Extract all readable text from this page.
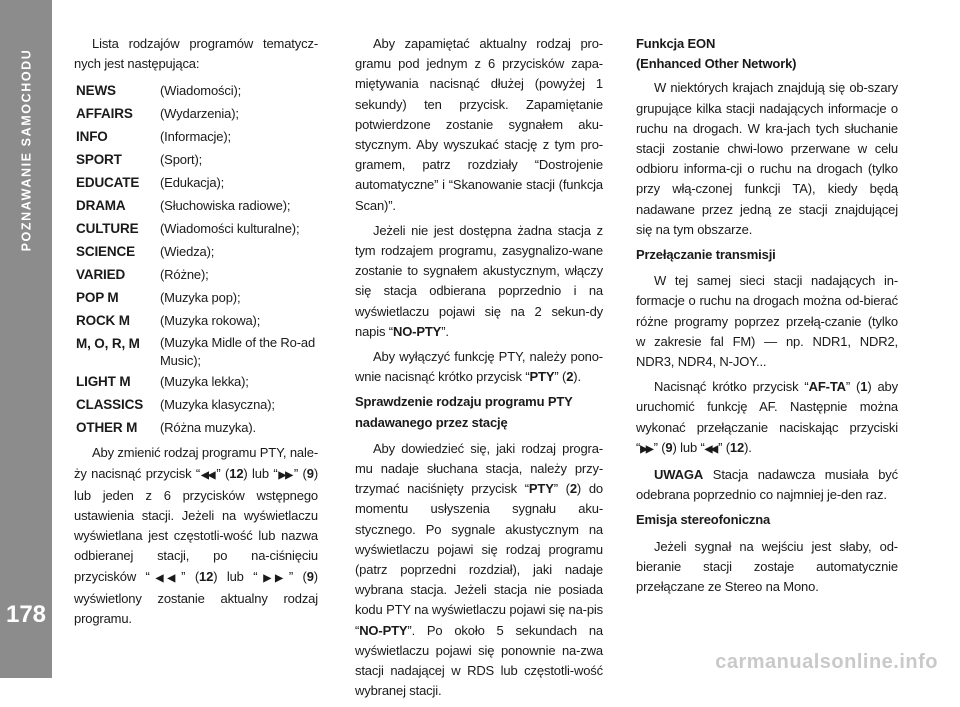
POZNAWANIE SAMOCHODU
178

Lista rodzajów programów tematycz-nych jest następująca:

NEWS	(Wiadomości);
AFFAIRS	(Wydarzenia);
INFO	(Informacje);
SPORT	(Sport);
EDUCATE	(Edukacja);
DRAMA	(Słuchowiska radiowe);
CULTURE	(Wiadomości kulturalne);
SCIENCE	(Wiedza);
VARIED	(Różne);
POP M	(Muzyka pop);
ROCK M	(Muzyka rokowa);
M, O, R, M	(Muzyka Midle of the Ro-ad Music);
LIGHT M	(Muzyka lekka);
CLASSICS	(Muzyka klasyczna);
OTHER M	(Różna muzyka).

Aby zmienić rodzaj programu PTY, nale-ży nacisnąć przycisk “◀◀ ” (12) lub “▶▶ ” (9) lub jeden z 6 przycisków wstępnego ustawienia stacji. Jeżeli na wyświetlaczu wyświetlana jest częstotli-wość lub nazwa odbieranej stacji, po na-ciśnięciu przycisków “◀◀ ” (12) lub “▶▶ ” (9) wyświetlony zostanie aktualny rodzaj programu.

Aby zapamiętać aktualny rodzaj pro-gramu pod jednym z 6 przycisków zapa-miętywania nacisnąć dłużej (powyżej 1 sekundy) ten przycisk. Zapamiętanie potwierdzone zostanie sygnałem aku-stycznym. Aby wyszukać stację z tym pro-gramem, patrz rozdziały “Dostrojenie automatyczne” i “Skanowanie stacji (funkcja Scan)”.

Jeżeli nie jest dostępna żadna stacja z tym rodzajem programu, zasygnalizo-wane zostanie to sygnałem akustycznym, włączy się stacja odbierana poprzednio i na wyświetlaczu pojawi się na 2 sekun-dy napis “NO-PTY”.

Aby wyłączyć funkcję PTY, należy pono-wnie nacisnąć krótko przycisk “PTY” (2).

Sprawdzenie rodzaju programu PTY nadawanego przez stację

Aby dowiedzieć się, jaki rodzaj progra-mu nadaje słuchana stacja, należy przy-trzymać naciśnięty przycisk “PTY” (2) do momentu usłyszenia sygnału aku-stycznego. Po sygnale akustycznym na wyświetlaczu pojawi się rodzaj programu (patrz poprzedni rozdział), jaki nadaje wybrana stacja. Jeżeli stacja nie posiada kodu PTY na wyświetlaczu pojawi się na-pis “NO-PTY”. Po około 5 sekundach na wyświetlaczu pojawi się ponownie na-zwa stacji nadającej w RDS lub częstotli-wość wybranej stacji.

Funkcja EON
(Enhanced Other Network)

W niektórych krajach znajdują się ob-szary grupujące kilka stacji nadających informacje o ruchu na drogach. W kra-jach tych słuchanie stacji zostanie chwi-lowo przerwane w celu odbioru informa-cji o ruchu na drogach (tylko przy włą-czonej funkcji TA), kiedy będą nadawane przez jedną ze stacji znajdującej się na tym obszarze.

Przełączanie transmisji

W tej samej sieci stacji nadających in-formacje o ruchu na drogach można od-bierać różne programy poprzez przełą-czanie (tylko w zakresie fal FM) — np. NDR1, NDR2, NDR3, NDR4, N-JOY...

Nacisnąć krótko przycisk “AF-TA” (1) aby uruchomić funkcję AF. Następnie można wykonać przełączanie naciskając przyciski “▶▶ ” (9) lub “◀◀ ” (12).

UWAGA Stacja nadawcza musiała być odebrana poprzednio co najmniej je-den raz.

Emisja stereofoniczna

Jeżeli sygnał na wejściu jest słaby, od-bieranie stacji zostaje automatycznie przełączane ze Stereo na Mono.

carmanualsonline.info
